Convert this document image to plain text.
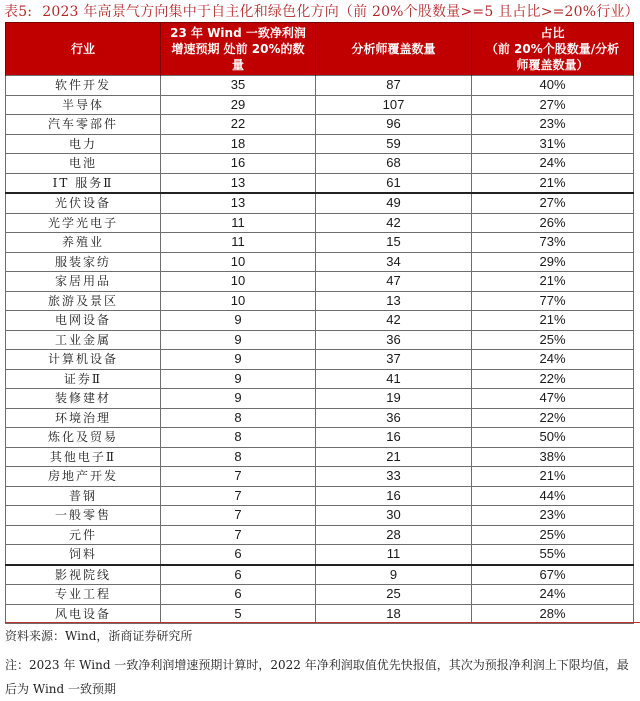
表5: 2023 年高景气方向集中于自主化和绿色化方向（前 20%个股数量>=5 且占比>=20%行业）
行业

23 年 Wind 一致净利润
增速预期 处前 20%的数
量

分析师覆盖数量

占比
（前 20%个股数量/分析
师覆盖数量）

软件开发	35	87	40%
半导体	29	107	27%
汽车零部件	22	96	23%
电力	18	59	31%
电池	16	68	24%
IT 服务Ⅱ	13	61	21%
光伏设备	13	49	27%
光学光电子	11	42	26%
养殖业	11	15	73%
服装家纺	10	34	29%
家居用品	10	47	21%
旅游及景区	10	13	77%
电网设备	9	42	21%
工业金属	9	36	25%
计算机设备	9	37	24%
证券Ⅱ	9	41	22%
装修建材	9	19	47%
环境治理	8	36	22%
炼化及贸易	8	16	50%
其他电子Ⅱ	8	21	38%
房地产开发	7	33	21%
普钢	7	16	44%
一般零售	7	30	23%
元件	7	28	25%
饲料	6	11	55%
影视院线	6	9	67%
专业工程	6	25	24%
风电设备	5	18	28%
资料来源：Wind，浙商证券研究所
注：2023 年 Wind 一致净利润增速预期计算时，2022 年净利润取值优先快报值，其次为预报净利润上下限均值，最后为 Wind 一致预期
